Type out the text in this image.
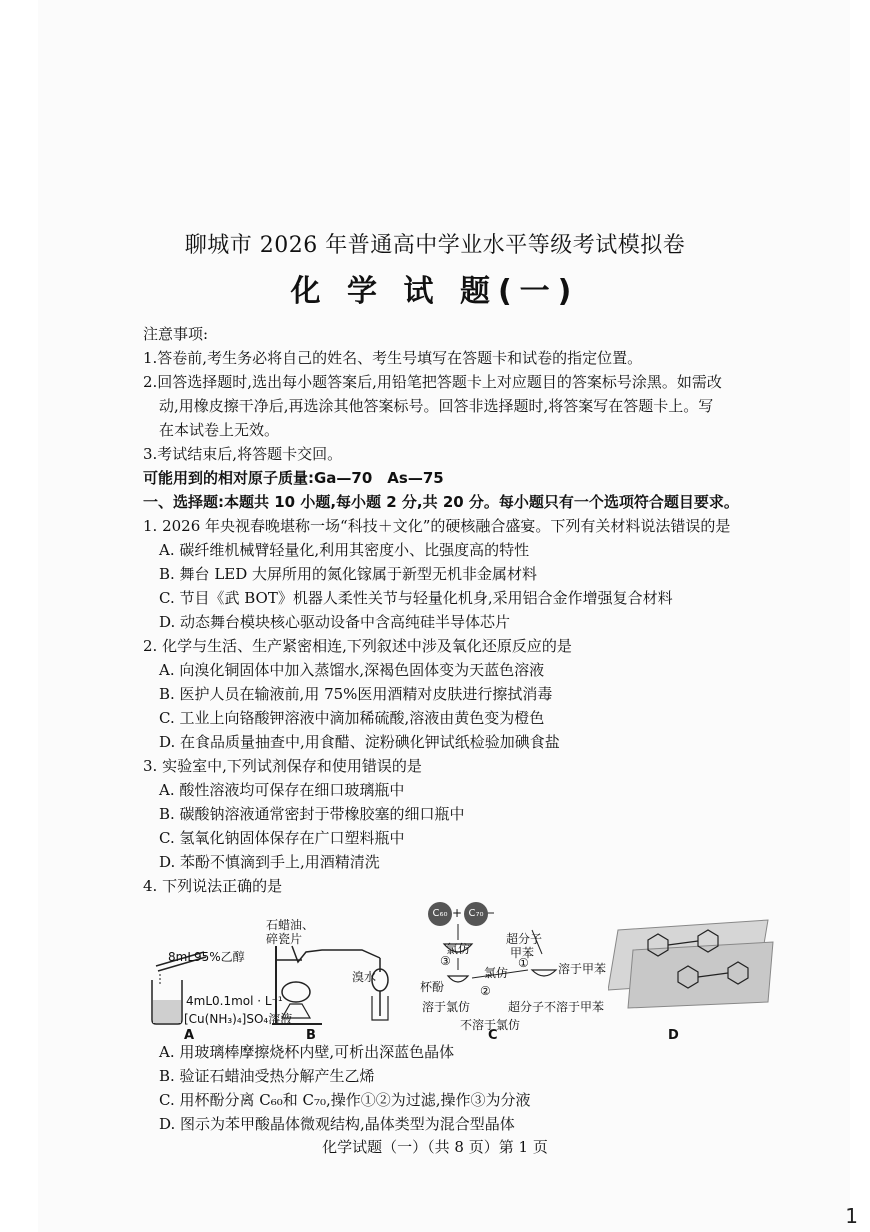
聊城市 2026 年普通高中学业水平等级考试模拟卷
化 学 试 题(一)
注意事项:
1.答卷前,考生务必将自己的姓名、考生号填写在答题卡和试卷的指定位置。
2.回答选择题时,选出每小题答案后,用铅笔把答题卡上对应题目的答案标号涂黑。如需改
动,用橡皮擦干净后,再选涂其他答案标号。回答非选择题时,将答案写在答题卡上。写
在本试卷上无效。
3.考试结束后,将答题卡交回。
可能用到的相对原子质量:Ga—70　As—75
一、选择题:本题共 10 小题,每小题 2 分,共 20 分。每小题只有一个选项符合题目要求。
1. 2026 年央视春晚堪称一场“科技＋文化”的硬核融合盛宴。下列有关材料说法错误的是
A. 碳纤维机械臂轻量化,利用其密度小、比强度高的特性
B. 舞台 LED 大屏所用的氮化镓属于新型无机非金属材料
C. 节目《武 BOT》机器人柔性关节与轻量化机身,采用铝合金作增强复合材料
D. 动态舞台模块核心驱动设备中含高纯硅半导体芯片
2. 化学与生活、生产紧密相连,下列叙述中涉及氧化还原反应的是
A. 向溴化铜固体中加入蒸馏水,深褐色固体变为天蓝色溶液
B. 医护人员在输液前,用 75%医用酒精对皮肤进行擦拭消毒
C. 工业上向铬酸钾溶液中滴加稀硫酸,溶液由黄色变为橙色
D. 在食品质量抽查中,用食醋、淀粉碘化钾试纸检验加碘食盐
3. 实验室中,下列试剂保存和使用错误的是
A. 酸性溶液均可保存在细口玻璃瓶中
B. 碳酸钠溶液通常密封于带橡胶塞的细口瓶中
C. 氢氧化钠固体保存在广口塑料瓶中
D. 苯酚不慎滴到手上,用酒精清洗
4. 下列说法正确的是
8mL95%乙醇
4mL0.1mol · L⁻¹
[Cu(NH₃)₄]SO₄溶液
A
石蜡油、
碎瓷片
溴水
B
C₆₀ + C₇₀
氯仿
超分子
甲苯
①
③
氯仿	溶于甲苯
杯酚	②
溶于氯仿	超分子不溶于甲苯
不溶于氯仿
C	D
A. 用玻璃棒摩擦烧杯内壁,可析出深蓝色晶体
B. 验证石蜡油受热分解产生乙烯
C. 用杯酚分离 C₆₀和 C₇₀,操作①②为过滤,操作③为分液
D. 图示为苯甲酸晶体微观结构,晶体类型为混合型晶体
化学试题（一）（共 8 页）第 1 页
1
